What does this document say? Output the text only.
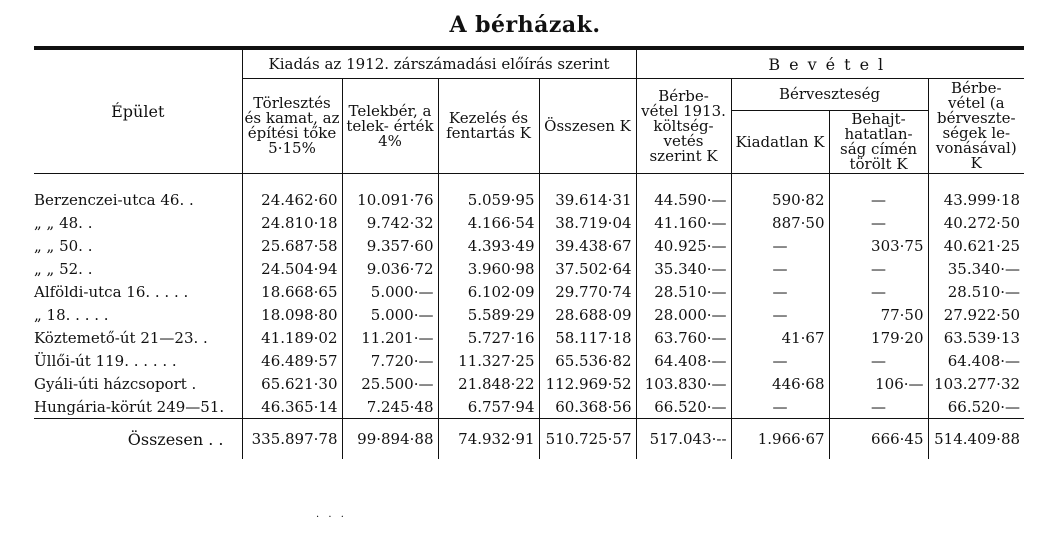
A bérházak.
Épület	Kiadás az 1912. zárszámadási előírás szerint				Bevétel			
	Törlesztés és kamat, az építési tőke 5·15%	Telekbér, a telek- érték 4%	Kezelés és fentartás K	Összesen K	Bérbe- vétel 1913. költség- vetés szerint K	Bérveszteség		Bérbe- vétel (a bérveszte- ségek le- vonásával) K
						Kiadatlan K	Behajt- hatatlan- ság címén törölt K	
Berzenczei-utca 46. .	24.462·60	10.091·76	5.059·95	39.614·31	44.590·—	590·82	—	43.999·18
„ „ 48. .	24.810·18	9.742·32	4.166·54	38.719·04	41.160·—	887·50	—	40.272·50
„ „ 50. .	25.687·58	9.357·60	4.393·49	39.438·67	40.925·—	—	303·75	40.621·25
„ „ 52. .	24.504·94	9.036·72	3.960·98	37.502·64	35.340·—	—	—	35.340·—
Alföldi-utca 16. . . . .	18.668·65	5.000·—	6.102·09	29.770·74	28.510·—	—	—	28.510·—
„ 18. . . . .	18.098·80	5.000·—	5.589·29	28.688·09	28.000·—	—	77·50	27.922·50
Köztemető-út 21—23. .	41.189·02	11.201·—	5.727·16	58.117·18	63.760·—	41·67	179·20	63.539·13
Üllői-út 119. . . . . .	46.489·57	7.720·—	11.327·25	65.536·82	64.408·—	—	—	64.408·—
Gyáli-úti házcsoport .	65.621·30	25.500·—	21.848·22	112.969·52	103.830·—	446·68	106·—	103.277·32
Hungária-körút 249—51.	46.365·14	7.245·48	6.757·94	60.368·56	66.520·—	—	—	66.520·—
Összesen . .	335.897·78	99·894·88	74.932·91	510.725·57	517.043·--	1.966·67	666·45	514.409·88
· · ·
